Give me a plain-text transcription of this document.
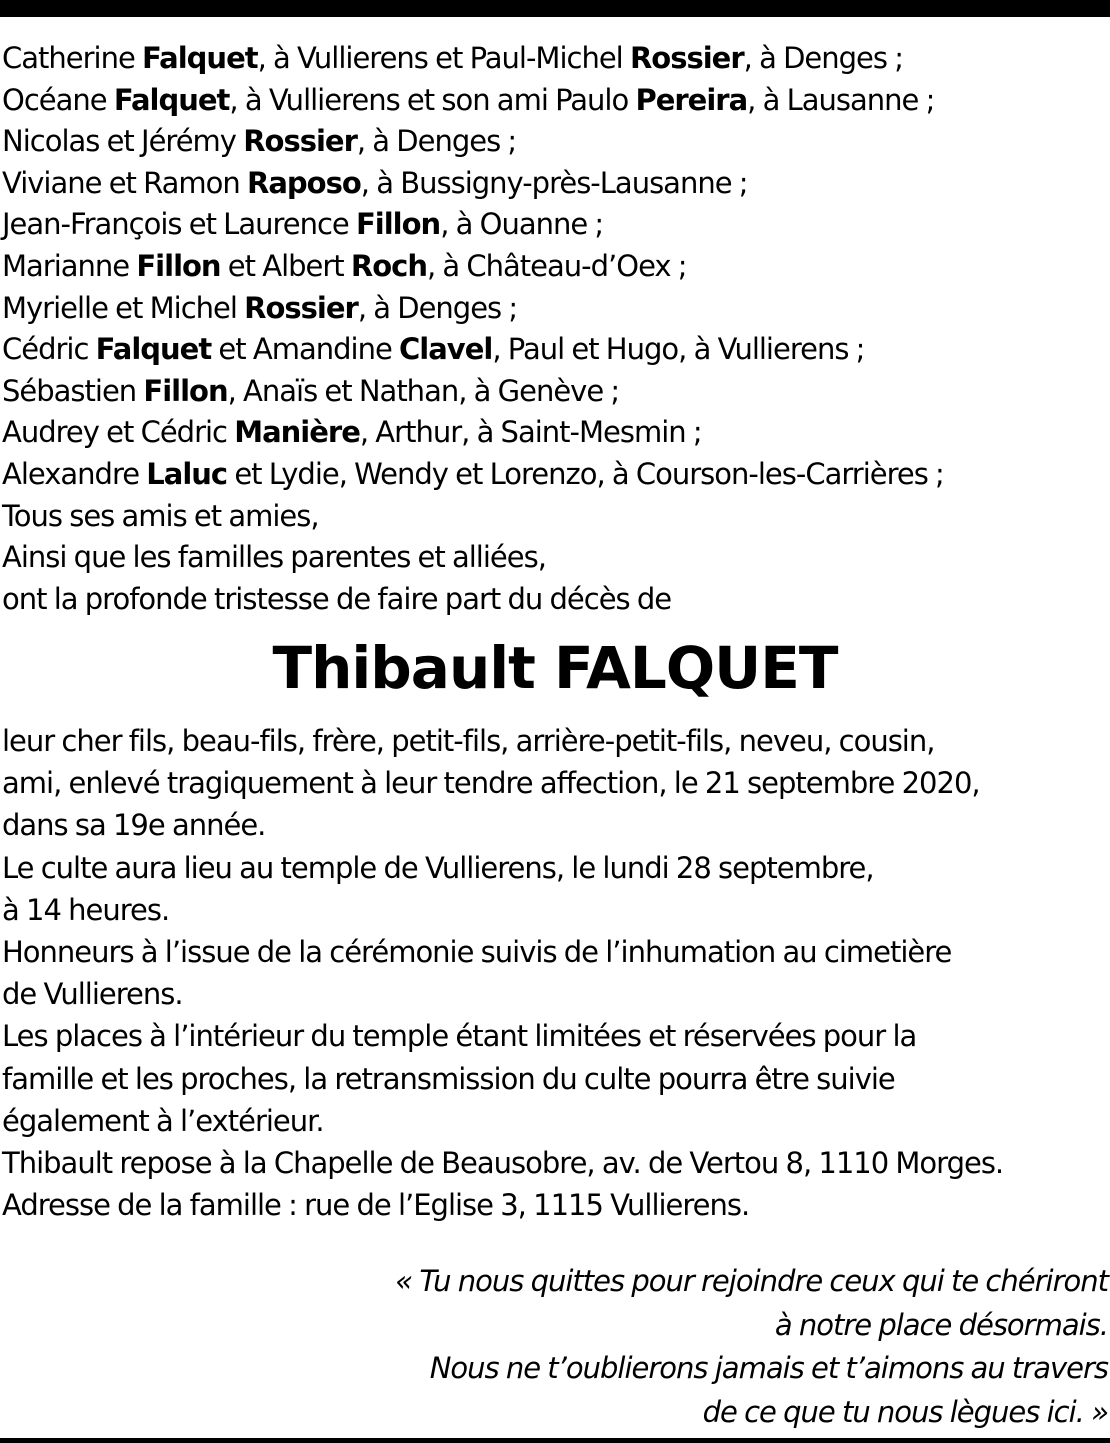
Catherine Falquet, à Vullierens et Paul-Michel Rossier, à Denges ;
Océane Falquet, à Vullierens et son ami Paulo Pereira, à Lausanne ;
Nicolas et Jérémy Rossier, à Denges ;
Viviane et Ramon Raposo, à Bussigny-près-Lausanne ;
Jean-François et Laurence Fillon, à Ouanne ;
Marianne Fillon et Albert Roch, à Château-d’Oex ;
Myrielle et Michel Rossier, à Denges ;
Cédric Falquet et Amandine Clavel, Paul et Hugo, à Vullierens ;
Sébastien Fillon, Anaïs et Nathan, à Genève ;
Audrey et Cédric Manière, Arthur, à Saint-Mesmin ;
Alexandre Laluc et Lydie, Wendy et Lorenzo, à Courson-les-Carrières ;
Tous ses amis et amies,
Ainsi que les familles parentes et alliées,
ont la profonde tristesse de faire part du décès de
Thibault FALQUET
leur cher fils, beau-fils, frère, petit-fils, arrière-petit-fils, neveu, cousin,
ami, enlevé tragiquement à leur tendre affection, le 21 septembre 2020,
dans sa 19e année.
Le culte aura lieu au temple de Vullierens, le lundi 28 septembre,
à 14 heures.
Honneurs à l’issue de la cérémonie suivis de l’inhumation au cimetière
de Vullierens.
Les places à l’intérieur du temple étant limitées et réservées pour la
famille et les proches, la retransmission du culte pourra être suivie
également à l’extérieur.
Thibault repose à la Chapelle de Beausobre, av. de Vertou 8, 1110 Morges.
Adresse de la famille : rue de l’Eglise 3, 1115 Vullierens.
« Tu nous quittes pour rejoindre ceux qui te chériront
à notre place désormais.
Nous ne t’oublierons jamais et t’aimons au travers
de ce que tu nous lègues ici. »
